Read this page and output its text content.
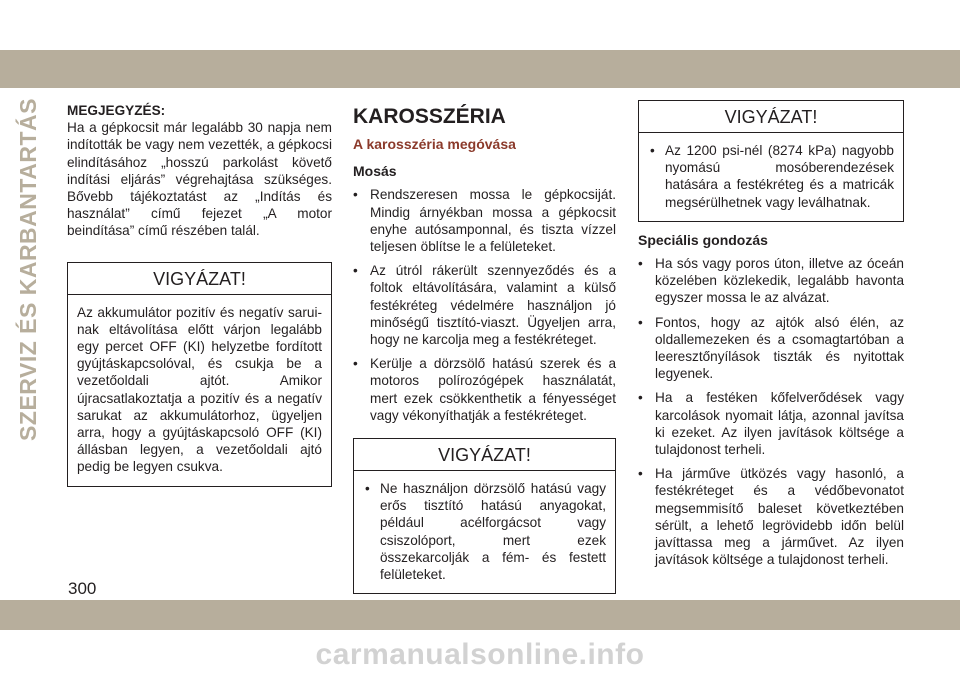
SZERVIZ ÉS KARBANTARTÁS MEGJEGYZÉS:
Ha a gépkocsit már legalább 30 napja nem indították be vagy nem vezették, a gépkocsi elindításához „hosszú parkolást követő indítási eljárás” végrehajtása szükséges. Bővebb tájékoztatást az „Indítás és használat” című fejezet „A motor beindítása” című részében talál.
VIGYÁZAT!
Az akkumulátor pozitív és negatív sarui-nak eltávolítása előtt várjon legalább egy percet OFF (KI) helyzetbe fordított gyújtáskapcsolóval, és csukja be a vezetőoldali ajtót. Amikor újracsatlakoztatja a pozitív és a negatív sarukat az akkumulátorhoz, ügyeljen arra, hogy a gyújtáskapcsoló OFF (KI) állásban legyen, a vezetőoldali ajtó pedig be legyen csukva.
KAROSSZÉRIA
A karosszéria megóvása
Mosás
• Rendszeresen mossa le gépkocsiját. Mindig árnyékban mossa a gépkocsit enyhe autósamponnal, és tiszta vízzel teljesen öblítse le a felületeket.
• Az útról rákerült szennyeződés és a foltok eltávolítására, valamint a külső festékréteg védelmére használjon jó minőségű tisztító-viaszt. Ügyeljen arra, hogy ne karcolja meg a festékréteget.
• Kerülje a dörzsölő hatású szerek és a motoros polírozógépek használatát, mert ezek csökkenthetik a fényességet vagy vékonyíthatják a festékréteget.
VIGYÁZAT!
• Ne használjon dörzsölő hatású vagy erős tisztító hatású anyagokat, például acélforgácsot vagy csiszolóport, mert ezek összekarcolják a fém- és festett felületeket.
VIGYÁZAT!
• Az 1200 psi-nél (8274 kPa) nagyobb nyomású mosóberendezések hatására a festékréteg és a matricák megsérülhetnek vagy leválhatnak.
Speciális gondozás
• Ha sós vagy poros úton, illetve az óceán közelében közlekedik, legalább havonta egyszer mossa le az alvázat.
• Fontos, hogy az ajtók alsó élén, az oldallemezeken és a csomagtartóban a leeresztőnyílások tiszták és nyitottak legyenek.
• Ha a festéken kőfelverődések vagy karcolások nyomait látja, azonnal javítsa ki ezeket. Az ilyen javítások költsége a tulajdonost terheli.
• Ha járműve ütközés vagy hasonló, a festékréteget és a védőbevonatot megsemmisítő baleset következtében sérült, a lehető legrövidebb időn belül javíttassa meg a járművet. Az ilyen javítások költsége a tulajdonost terheli.
300
carmanualsonline.info
